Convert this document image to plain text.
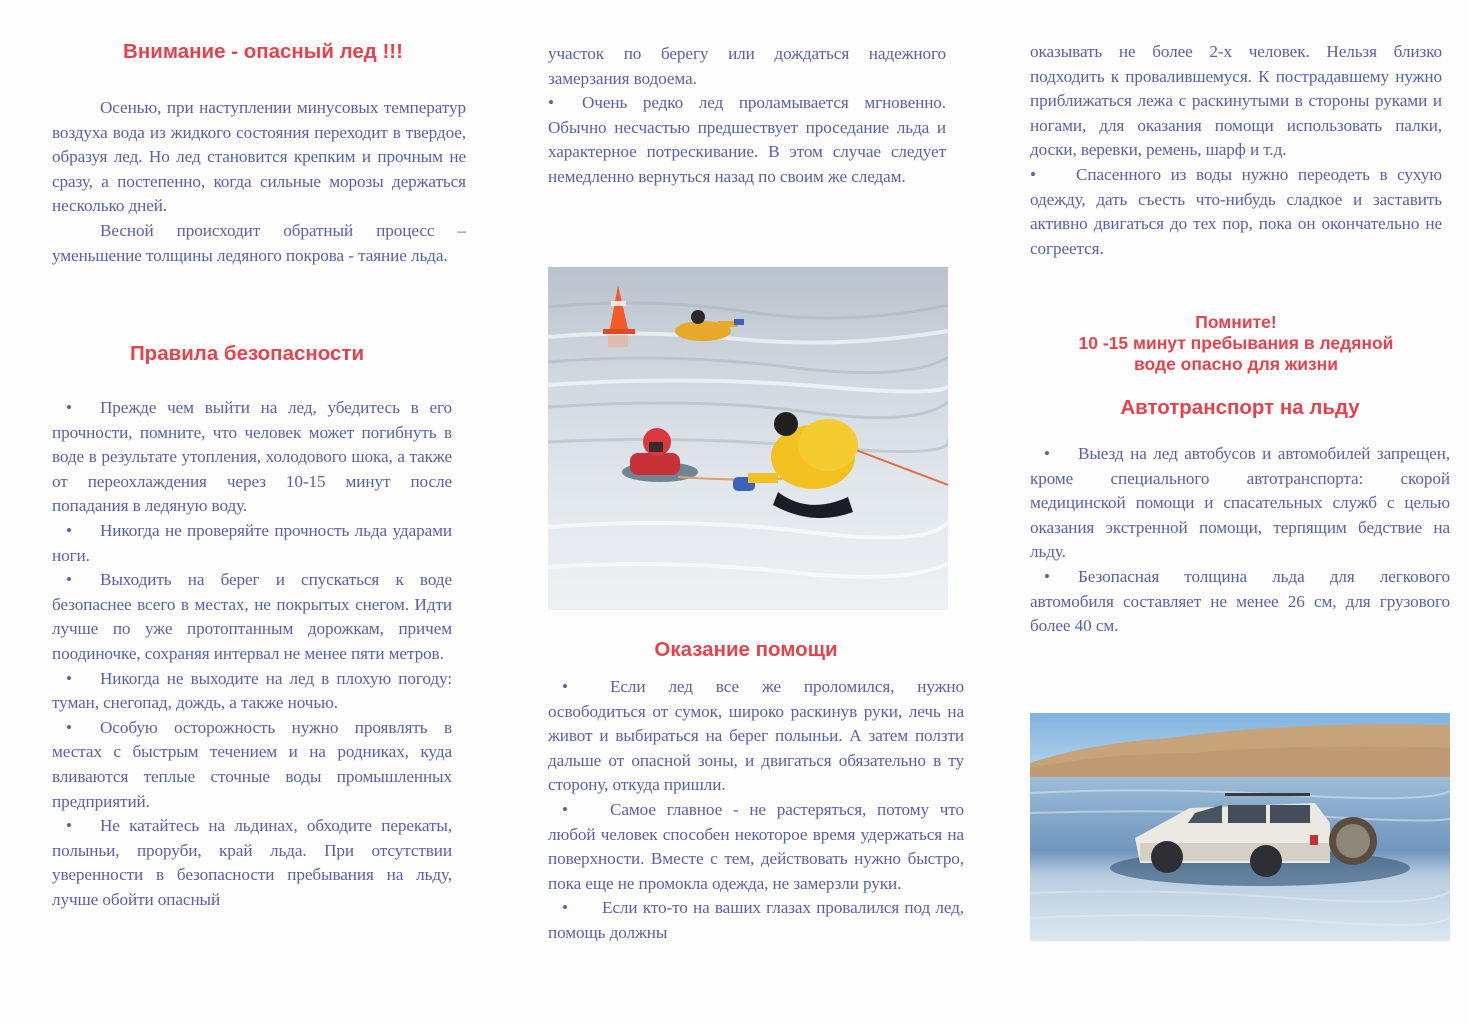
Внимание - опасный лед !!!

Осенью, при наступлении минусовых температур воздуха вода из жидкого состояния переходит в твердое, образуя лед. Но лед становится крепким и прочным не сразу, а постепенно, когда сильные морозы держаться несколько дней.

Весной происходит обратный процесс – уменьшение толщины ледяного покрова - таяние льда.

Правила безопасности

• Прежде чем выйти на лед, убедитесь в его прочности, помните, что человек может погибнуть в воде в результате утопления, холодового шока, а также от переохлаждения через 10-15 минут после попадания в ледяную воду.

• Никогда не проверяйте прочность льда ударами ноги.

• Выходить на берег и спускаться к воде безопаснее всего в местах, не покрытых снегом. Идти лучше по уже протоптанным дорожкам, причем поодиночке, сохраняя интервал не менее пяти метров.

• Никогда не выходите на лед в плохую погоду: туман, снегопад, дождь, а также ночью.

• Особую осторожность нужно проявлять в местах с быстрым течением и на родниках, куда вливаются теплые сточные воды промышленных предприятий.

• Не катайтесь на льдинах, обходите перекаты, полыньи, проруби, край льда. При отсутствии уверенности в безопасности пребывания на льду, лучше обойти опасный

участок по берегу или дождаться надежного замерзания водоема.

• Очень редко лед проламывается мгновенно. Обычно несчастью предшествует проседание льда и характерное потрескивание. В этом случае следует немедленно вернуться назад по своим же следам.

Оказание помощи

• Если лед все же проломился, нужно освободиться от сумок, широко раскинув руки, лечь на живот и выбираться на берег полыньи. А затем ползти дальше от опасной зоны, и двигаться обязательно в ту сторону, откуда пришли.

• Самое главное - не растеряться, потому что любой человек способен некоторое время удержаться на поверхности. Вместе с тем, действовать нужно быстро, пока еще не промокла одежда, не замерзли руки.

• Если кто-то на ваших глазах провалился под лед, помощь должны

оказывать не более 2-х человек. Нельзя близко подходить к провалившемуся. К пострадавшему нужно приближаться лежа с раскинутыми в стороны руками и ногами, для оказания помощи использовать палки, доски, веревки, ремень, шарф и т.д.

• Спасенного из воды нужно переодеть в сухую одежду, дать съесть что-нибудь сладкое и заставить активно двигаться до тех пор, пока он окончательно не согреется.

Помните!
10 -15 минут пребывания в ледяной
воде опасно для жизни
Автотранспорт на льду

• Выезд на лед автобусов и автомобилей запрещен, кроме специального автотранспорта: скорой медицинской помощи и спасательных служб с целью оказания экстренной помощи, терпящим бедствие на льду.

• Безопасная толщина льда для легкового автомобиля составляет не менее 26 см, для грузового более 40 см.
